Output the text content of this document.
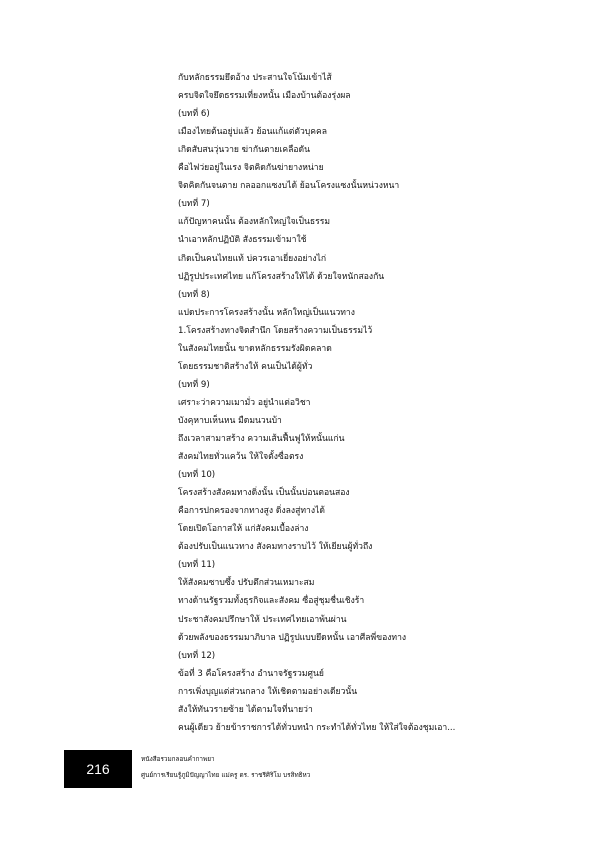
กับหลักธรรมยึดอ้าง ประสานใจโน้มเข้าไส้
ครบจิตใจยึดธรรมเที่ยงหนั้น เมืองบ้านต้องรุ่งผล
(บทที่ 6)
เมืองไทยต้นอยู่บ่แล้ว ย้อนแก้แต่ตัวบุคคล
เกิดสับสนวุ่นวาย ฆ่ากันตายเคลือดัน
คือไฟว่ยอยู่ในเรง จิตคิดกันฆ่ายางหน่าย
จิตคิดกันจนตาย กลออกแซงบได้ ย้อนโครงแซงนั้นหน่วงหนา
(บทที่ 7)
แก้ปัญหาคนนั้น ต้องหลักใหญ่ใจเป็นธรรม
นำเอาหลักปฏิบัติ สังธรรมเข้ามาใช้
เกิดเป็นคนไทยแท้ บ่ควรเอาเยี่ยงอย่างไก่
ปฏิรูปประเทศไทย แก้โครงสร้างให้ได้ ด้วยใจหนักสองกัน
(บทที่ 8)
แปดประการโครงสร้างนั้น หลักใหญ่เป็นแนวทาง
1.โครงสร้างทางจิตสำนึก โดยสร้างความเป็นธรรมไว้
ในสังคมไทยนั้น ขาดหลักธรรมรังผิดคลาด
โดยธรรมชาติสร้างให้ คนเป็นได้ผู้ทั่ว
(บทที่ 9)
เศราะว่าความเมามั่ว อยู่นำแต่อวิชา
บังคุหาบเห็นหน มืดมนวนบ้า
ถึงเวลาสามาสร้าง ความเส้นฟื้นฟูให้หนั้นแก่น
สังคมไทยทั่วแคว้น ให้ใจตั้งซื่อตรง
(บทที่ 10)
โครงสร้างสังคมทางดิ่งนั้น เป็นนั้นบ่อนตอนสอง
คือการปกครองจากทางสูง ดิ่งลงสู่ทางได้
โดยเปิดโอกาสให้ แก่สังคมเบื้องล่าง
ต้องปรับเป็นแนวทาง สังคมทางราบไว้ ให้เยียนผู้ทั่วถึง
(บทที่ 11)
ให้สังคมซาบซึ้ง ปรับตึกส่วนเหมาะสม
ทางด้านรัฐรวมทั้งธุรกิจและสังคม ซื่อสู่ชุมชื่นเชิงร้า
ประชาสังคมปรึกษาให้ ประเทศไทยเอาพ้นผ่าน
ด้วยพลังของธรรมมาภิบาล ปฏิรูปแบบยึดหนั้น เอาศีลพี่ของทาง
(บทที่ 12)
ข้อที่ 3 คือโครงสร้าง อำนาจรัฐรวมศูนย์
การเพิ่งบุญแต่ส่วนกลาง ให้เชิดตามอย่างเดียวนั้น
สังให้ทันวรายซ้าย ได้ตามใจที่นายว่า
คนผู้เดียว ย้ายข้าราชการได้ทั่วบทนำ กระทำได้ทั่วไทย ให้ใส่ใจต้องชุมเอา...
216
หนังสือรวมกลอนคำกาพยา
ศูนย์การเรียนรู้ภูมิปัญญาไทย แม่ครู ดร. ราชรีศิริโม บรสิทธิหว
